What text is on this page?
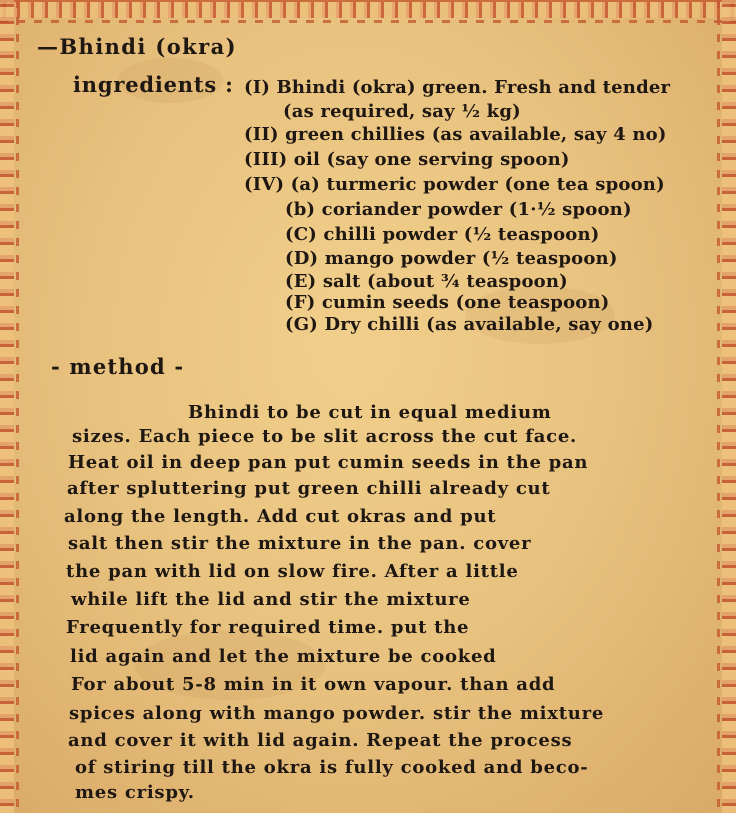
—Bhindi (okra)
ingredients : (I) Bhindi (okra) green. Fresh and tender
(as required, say ½ kg)
(II) green chillies (as available, say 4 no)
(III) oil (say one serving spoon)
(IV) (a) turmeric powder (one tea spoon)
(b) coriander powder (1·½ spoon)
(C) chilli powder (½ teaspoon)
(D) mango powder (½ teaspoon)
(E) salt (about ¾ teaspoon)
(F) cumin seeds (one teaspoon)
(G) Dry chilli (as available, say one)
- method -
Bhindi to be cut in equal medium
sizes. Each piece to be slit across the cut face.
Heat oil in deep pan put cumin seeds in the pan
after spluttering put green chilli already cut
along the length. Add cut okras and put
salt then stir the mixture in the pan. cover
the pan with lid on slow fire. After a little
while lift the lid and stir the mixture
Frequently for required time. put the
lid again and let the mixture be cooked
For about 5-8 min in it own vapour. than add
spices along with mango powder. stir the mixture
and cover it with lid again. Repeat the process
of stiring till the okra is fully cooked and beco-
mes crispy.
